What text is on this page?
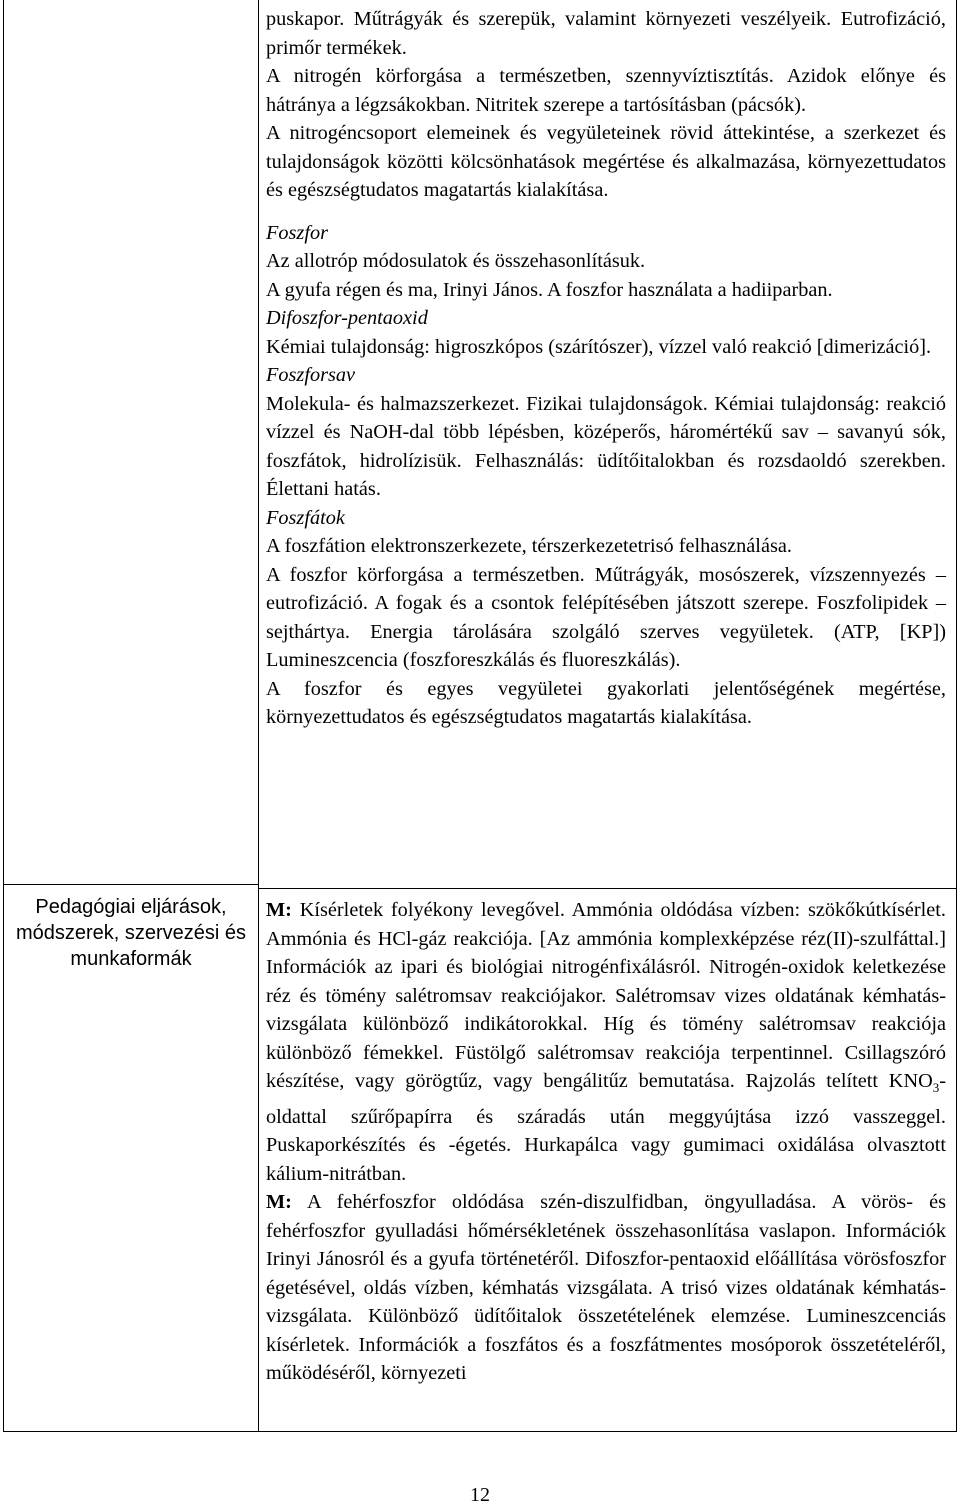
Pedagógiai eljárások, módszerek, szervezési és munkaformák

puskapor. Műtrágyák és szerepük, valamint környezeti veszélyeik. Eutrofizáció, primőr termékek.

A nitrogén körforgása a természetben, szennyvíztisztítás. Azidok előnye és hátránya a légzsákokban. Nitritek szerepe a tartósításban (pácsók).

A nitrogéncsoport elemeinek és vegyületeinek rövid áttekintése, a szerkezet és tulajdonságok közötti kölcsönhatások megértése és alkalmazása, környezettudatos és egészségtudatos magatartás kialakítása.

Foszfor

Az allotróp módosulatok és összehasonlításuk.

A gyufa régen és ma, Irinyi János. A foszfor használata a hadiiparban.

Difoszfor-pentaoxid

Kémiai tulajdonság: higroszkópos (szárítószer), vízzel való reakció [dimerizáció].

Foszforsav

Molekula- és halmazszerkezet. Fizikai tulajdonságok. Kémiai tulajdonság: reakció vízzel és NaOH-dal több lépésben, középerős, háromértékű sav – savanyú sók, foszfátok, hidrolízisük. Felhasználás: üdítőitalokban és rozsdaoldó szerekben. Élettani hatás.

Foszfátok

A foszfátion elektronszerkezete, térszerkezetetrisó felhasználása.

A foszfor körforgása a természetben. Műtrágyák, mosószerek, vízszennyezés – eutrofizáció. A fogak és a csontok felépítésében játszott szerepe. Foszfolipidek – sejthártya. Energia tárolására szolgáló szerves vegyületek. (ATP, [KP]) Lumineszcencia (foszforeszkálás és fluoreszkálás).

A foszfor és egyes vegyületei gyakorlati jelentőségének megértése, környezettudatos és egészségtudatos magatartás kialakítása.

M: Kísérletek folyékony levegővel. Ammónia oldódása vízben: szökőkútkísérlet. Ammónia és HCl-gáz reakciója. [Az ammónia komplexképzése réz(II)-szulfáttal.] Információk az ipari és biológiai nitrogénfixálásról. Nitrogén-oxidok keletkezése réz és tömény salétromsav reakciójakor. Salétromsav vizes oldatának kémhatás-vizsgálata különböző indikátorokkal. Híg és tömény salétromsav reakciója különböző fémekkel. Füstölgő salétromsav reakciója terpentinnel. Csillagszóró készítése, vagy görögtűz, vagy bengálitűz bemutatása. Rajzolás telített $KNO_3$-oldattal szűrőpapírra és száradás után meggyújtása izzó vasszeggel. Puskaporkészítés és -égetés. Hurkapálca vagy gumimaci oxidálása olvasztott kálium-nitrátban.

M: A fehérfoszfor oldódása szén-diszulfidban, öngyulladása. A vörös- és fehérfoszfor gyulladási hőmérsékletének összehasonlítása vaslapon. Információk Irinyi Jánosról és a gyufa történetéről. Difoszfor-pentaoxid előállítása vörösfoszfor égetésével, oldás vízben, kémhatás vizsgálata. A trisó vizes oldatának kémhatás-vizsgálata. Különböző üdítőitalok összetételének elemzése. Lumineszcenciás kísérletek. Információk a foszfátos és a foszfátmentes mosóporok összetételéről, működéséről, környezeti

12
